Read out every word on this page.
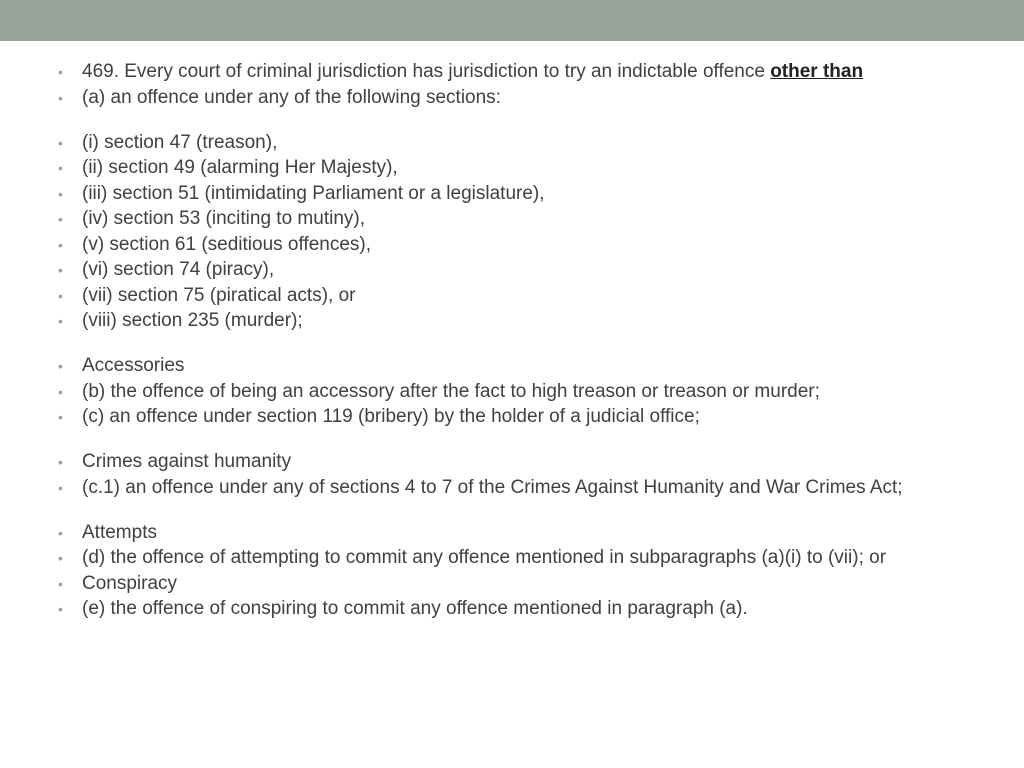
• 469. Every court of criminal jurisdiction has jurisdiction to try an indictable offence other than
• (a) an offence under any of the following sections:
• (i) section 47 (treason),
• (ii) section 49 (alarming Her Majesty),
• (iii) section 51 (intimidating Parliament or a legislature),
• (iv) section 53 (inciting to mutiny),
• (v) section 61 (seditious offences),
• (vi) section 74 (piracy),
• (vii) section 75 (piratical acts), or
• (viii) section 235 (murder);
• Accessories
• (b) the offence of being an accessory after the fact to high treason or treason or murder;
• (c) an offence under section 119 (bribery) by the holder of a judicial office;
• Crimes against humanity
• (c.1) an offence under any of sections 4 to 7 of the Crimes Against Humanity and War Crimes Act;
• Attempts
• (d) the offence of attempting to commit any offence mentioned in subparagraphs (a)(i) to (vii); or
• Conspiracy
• (e) the offence of conspiring to commit any offence mentioned in paragraph (a).
